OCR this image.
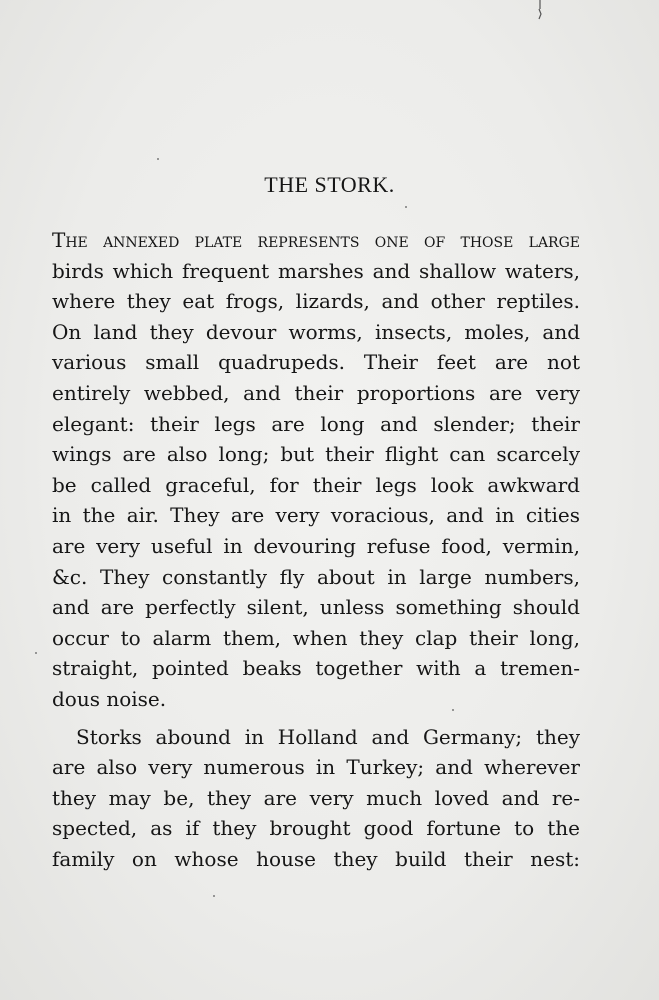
THE STORK.
The annexed plate represents one of those large
birds which frequent marshes and shallow waters,
where they eat frogs, lizards, and other reptiles.
On land they devour worms, insects, moles, and
various small quadrupeds. Their feet are not
entirely webbed, and their proportions are very
elegant: their legs are long and slender; their
wings are also long; but their flight can scarcely
be called graceful, for their legs look awkward
in the air. They are very voracious, and in cities
are very useful in devouring refuse food, vermin,
&c. They constantly fly about in large numbers,
and are perfectly silent, unless something should
occur to alarm them, when they clap their long,
straight, pointed beaks together with a tremen-
dous noise.
Storks abound in Holland and Germany; they
are also very numerous in Turkey; and wherever
they may be, they are very much loved and re-
spected, as if they brought good fortune to the
family on whose house they build their nest:
